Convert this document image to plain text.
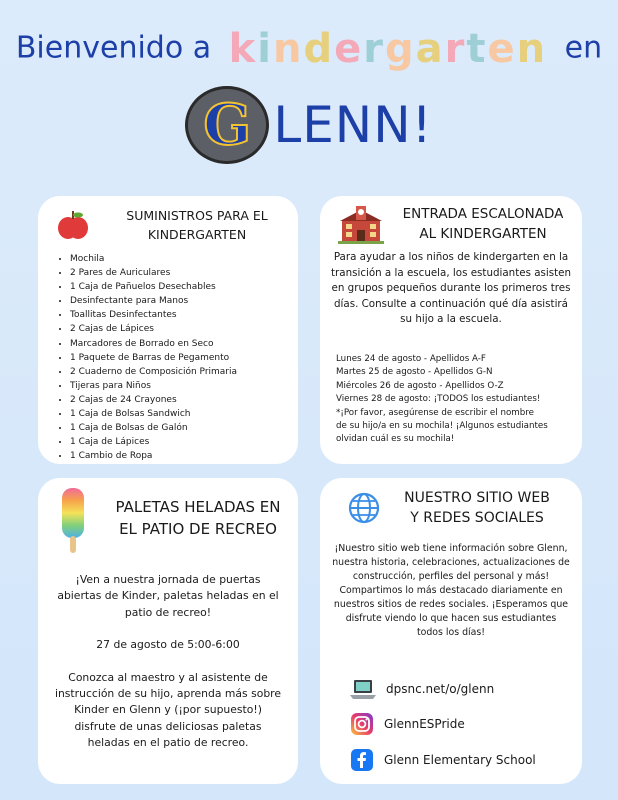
Bienvenido a kindergarten en
G LENN!
SUMINISTROS PARA EL
KINDERGARTEN
• Mochila
• 2 Pares de Auriculares
• 1 Caja de Pañuelos Desechables
• Desinfectante para Manos
• Toallitas Desinfectantes
• 2 Cajas de Lápices
• Marcadores de Borrado en Seco
• 1 Paquete de Barras de Pegamento
• 2 Cuaderno de Composición Primaria
• Tijeras para Niños
• 2 Cajas de 24 Crayones
• 1 Caja de Bolsas Sandwich
• 1 Caja de Bolsas de Galón
• 1 Caja de Lápices
• 1 Cambio de Ropa
ENTRADA ESCALONADA
AL KINDERGARTEN
Para ayudar a los niños de kindergarten en la transición a la escuela, los estudiantes asisten en grupos pequeños durante los primeros tres días. Consulte a continuación qué día asistirá su hijo a la escuela.
Lunes 24 de agosto - Apellidos A-F
Martes 25 de agosto - Apellidos G-N
Miércoles 26 de agosto - Apellidos O-Z
Viernes 28 de agosto: ¡TODOS los estudiantes!
*¡Por favor, asegúrense de escribir el nombre
de su hijo/a en su mochila! ¡Algunos estudiantes
olvidan cuál es su mochila!
PALETAS HELADAS EN
EL PATIO DE RECREO

¡Ven a nuestra jornada de puertas abiertas de Kinder, paletas heladas en el patio de recreo!

27 de agosto de 5:00-6:00

Conozca al maestro y al asistente de instrucción de su hijo, aprenda más sobre Kinder en Glenn y (¡por supuesto!) disfrute de unas deliciosas paletas heladas en el patio de recreo.

NUESTRO SITIO WEB
Y REDES SOCIALES

¡Nuestro sitio web tiene información sobre Glenn, nuestra historia, celebraciones, actualizaciones de construcción, perfiles del personal y más!

Compartimos lo más destacado diariamente en nuestros sitios de redes sociales. ¡Esperamos que disfrute viendo lo que hacen sus estudiantes todos los días!

dpsnc.net/o/glenn
GlennESPride
Glenn Elementary School
